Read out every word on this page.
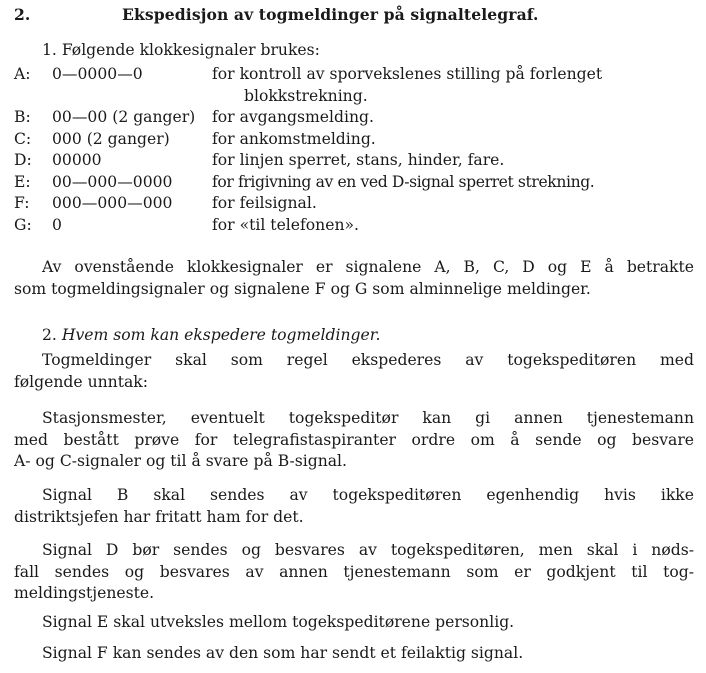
2.	Ekspedisjon av togmeldinger på signaltelegraf.
1. Følgende klokkesignaler brukes:
A:	0—0000—0	for kontroll av sporvekslenes stilling på forlenget
blokkstrekning.
B:	00—00 (2 ganger) for avgangsmelding.
C:	000 (2 ganger)	for ankomstmelding.
D:	00000	for linjen sperret, stans, hinder, fare.
E:	00—000—0000	for frigivning av en ved D-signal sperret strekning.
F:	000—000—000	for feilsignal.
G:	0	for «til telefonen».
Av ovenstående klokkesignaler er signalene A, B, C, D og E å betrakte
som togmeldingsignaler og signalene F og G som alminnelige meldinger.
2. Hvem som kan ekspedere togmeldinger.
Togmeldinger skal som regel ekspederes av togekspeditøren med
følgende unntak:
Stasjonsmester, eventuelt togekspeditør kan gi annen tjenestemann
med bestått prøve for telegrafistaspiranter ordre om å sende og besvare
A- og C-signaler og til å svare på B-signal.
Signal B skal sendes av togekspeditøren egenhendig hvis ikke
distriktsjefen har fritatt ham for det.
Signal D bør sendes og besvares av togekspeditøren, men skal i nøds-
fall sendes og besvares av annen tjenestemann som er godkjent til tog-
meldingstjeneste.
Signal E skal utveksles mellom togekspeditørene personlig.
Signal F kan sendes av den som har sendt et feilaktig signal.
